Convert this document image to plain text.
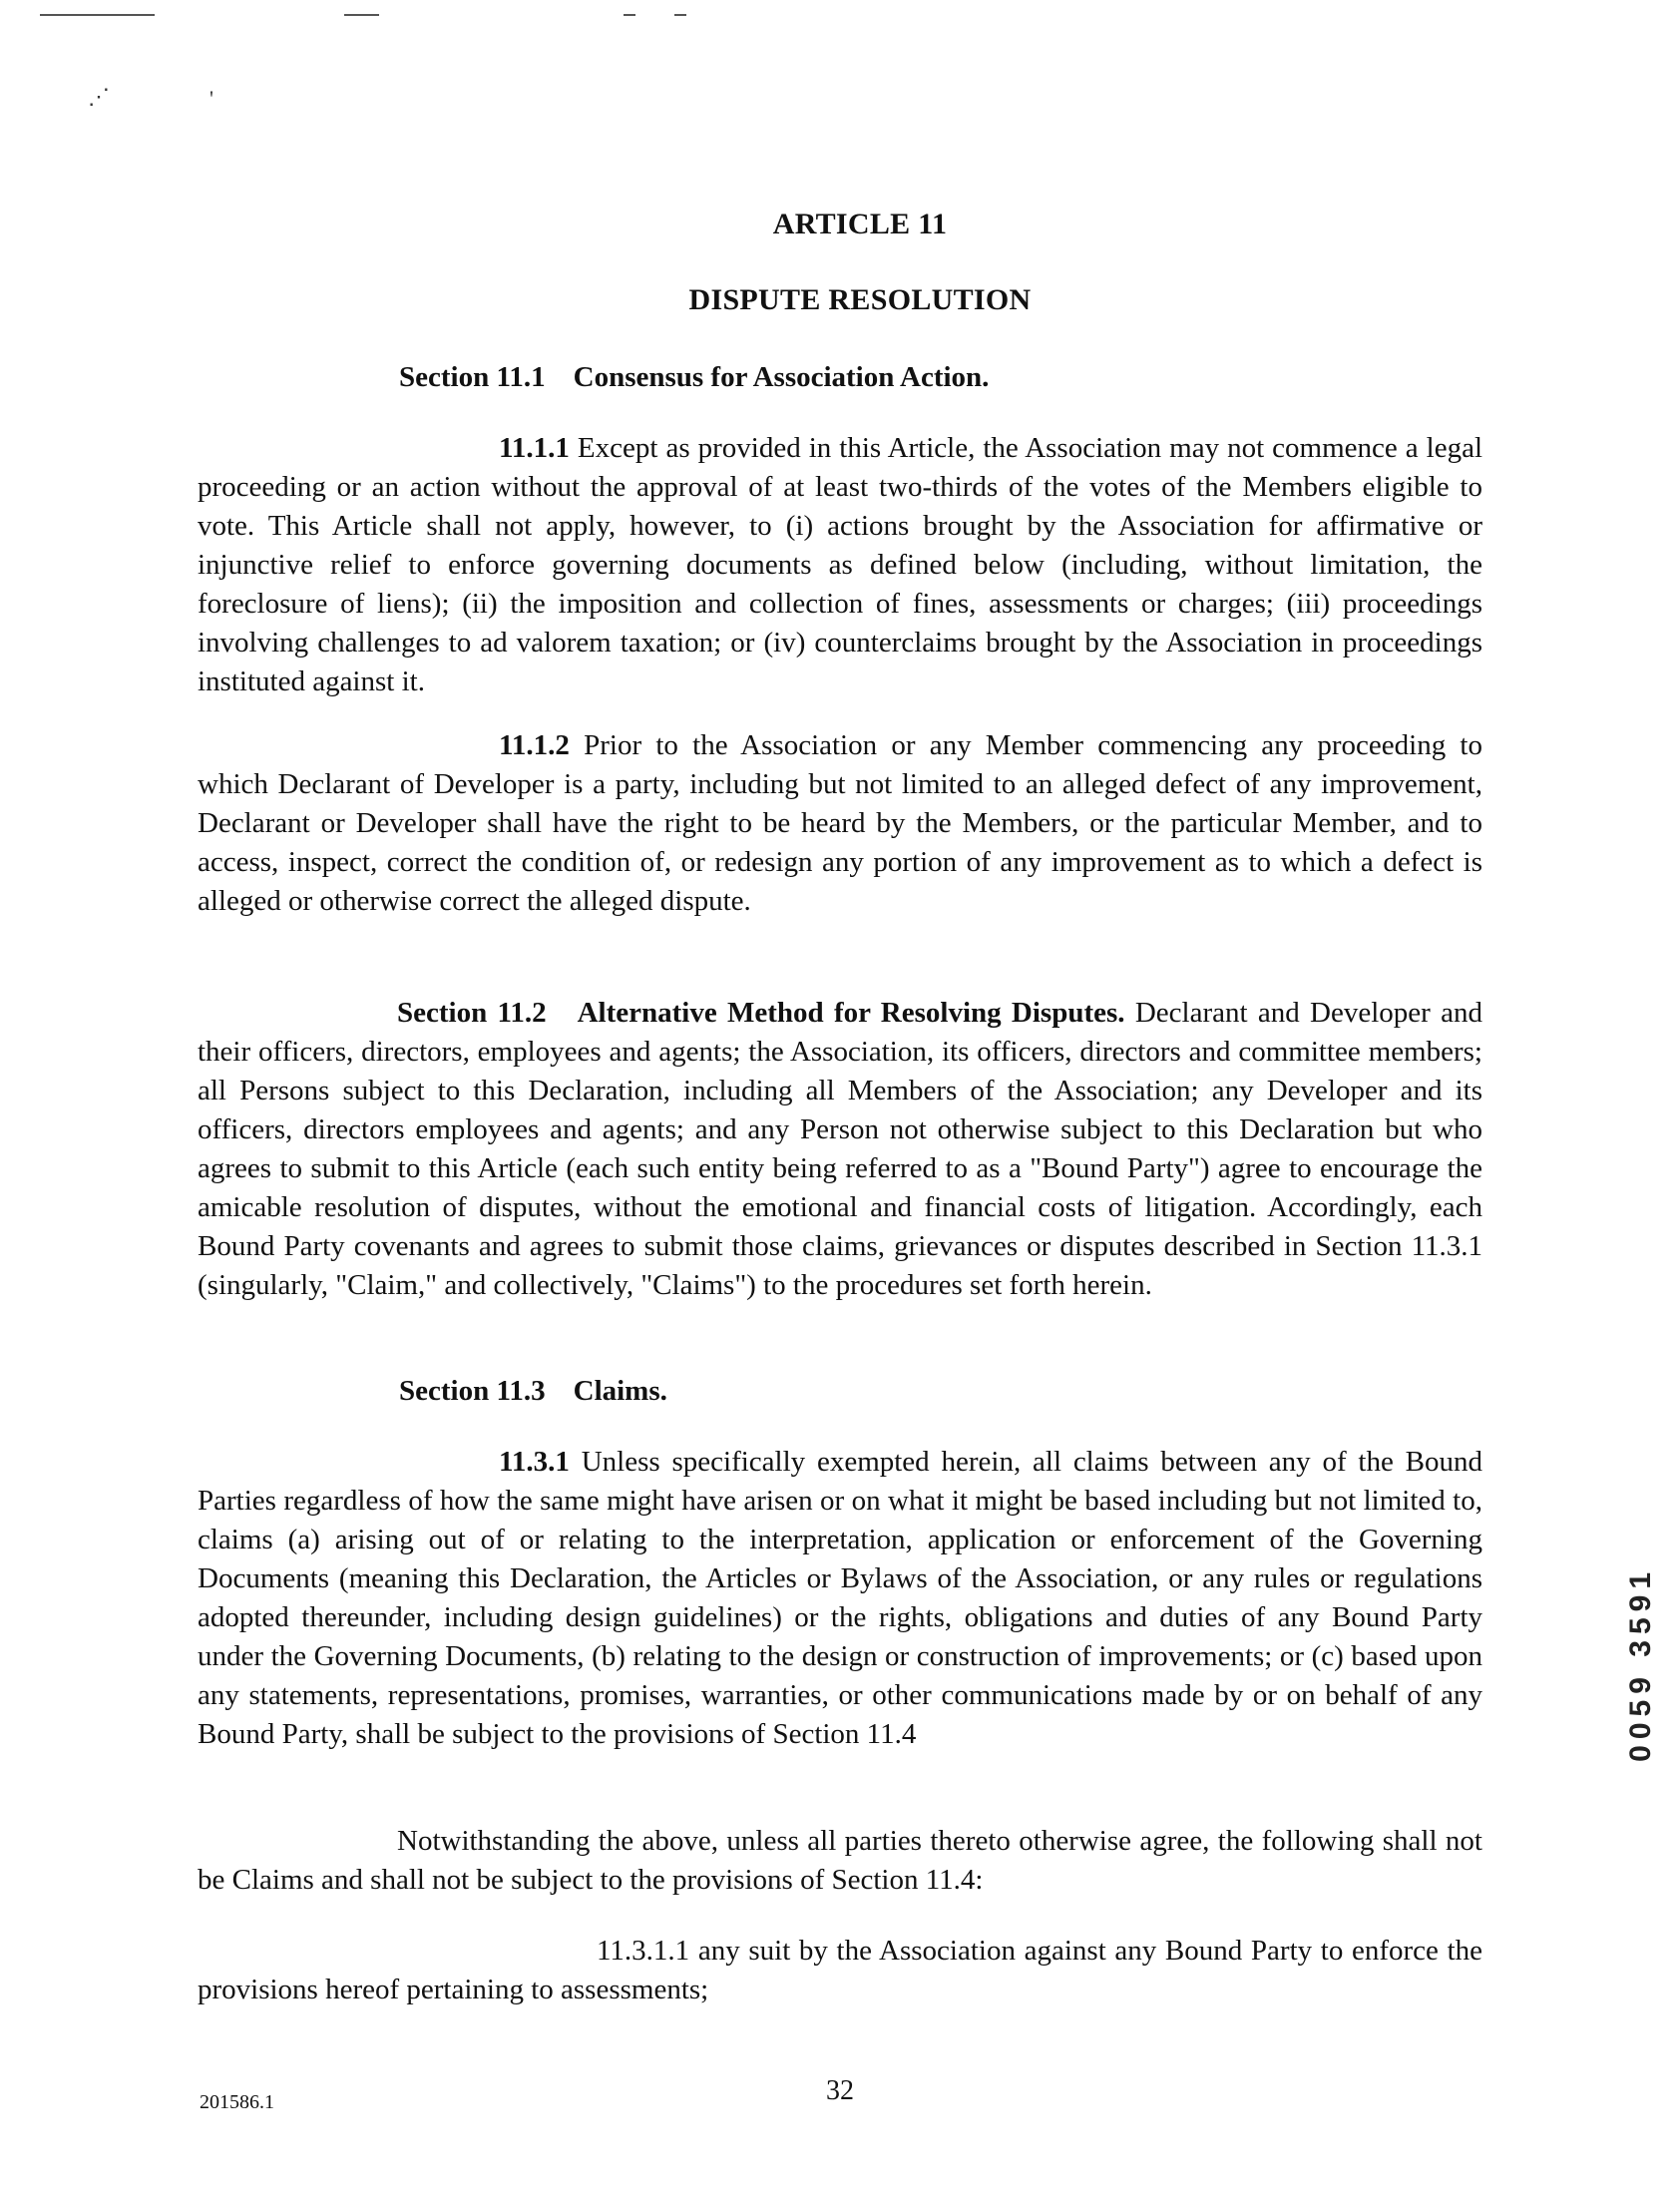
⋰	'
ARTICLE 11
DISPUTE RESOLUTION
Section 11.1 Consensus for Association Action.
11.1.1 Except as provided in this Article, the Association may not commence a legal proceeding or an action without the approval of at least two-thirds of the votes of the Members eligible to vote. This Article shall not apply, however, to (i) actions brought by the Association for affirmative or injunctive relief to enforce governing documents as defined below (including, without limitation, the foreclosure of liens); (ii) the imposition and collection of fines, assessments or charges; (iii) proceedings involving challenges to ad valorem taxation; or (iv) counterclaims brought by the Association in proceedings instituted against it.
11.1.2 Prior to the Association or any Member commencing any proceeding to which Declarant of Developer is a party, including but not limited to an alleged defect of any improvement, Declarant or Developer shall have the right to be heard by the Members, or the particular Member, and to access, inspect, correct the condition of, or redesign any portion of any improvement as to which a defect is alleged or otherwise correct the alleged dispute.
Section 11.2 Alternative Method for Resolving Disputes. Declarant and Developer and their officers, directors, employees and agents; the Association, its officers, directors and committee members; all Persons subject to this Declaration, including all Members of the Association; any Developer and its officers, directors employees and agents; and any Person not otherwise subject to this Declaration but who agrees to submit to this Article (each such entity being referred to as a "Bound Party") agree to encourage the amicable resolution of disputes, without the emotional and financial costs of litigation. Accordingly, each Bound Party covenants and agrees to submit those claims, grievances or disputes described in Section 11.3.1 (singularly, "Claim," and collectively, "Claims") to the procedures set forth herein.
Section 11.3 Claims.
11.3.1 Unless specifically exempted herein, all claims between any of the Bound Parties regardless of how the same might have arisen or on what it might be based including but not limited to, claims (a) arising out of or relating to the interpretation, application or enforcement of the Governing Documents (meaning this Declaration, the Articles or Bylaws of the Association, or any rules or regulations adopted thereunder, including design guidelines) or the rights, obligations and duties of any Bound Party under the Governing Documents, (b) relating to the design or construction of improvements; or (c) based upon any statements, representations, promises, warranties, or other communications made by or on behalf of any Bound Party, shall be subject to the provisions of Section 11.4
Notwithstanding the above, unless all parties thereto otherwise agree, the following shall not be Claims and shall not be subject to the provisions of Section 11.4:
11.3.1.1 any suit by the Association against any Bound Party to enforce the provisions hereof pertaining to assessments;
0059 3591
201586.1	32
